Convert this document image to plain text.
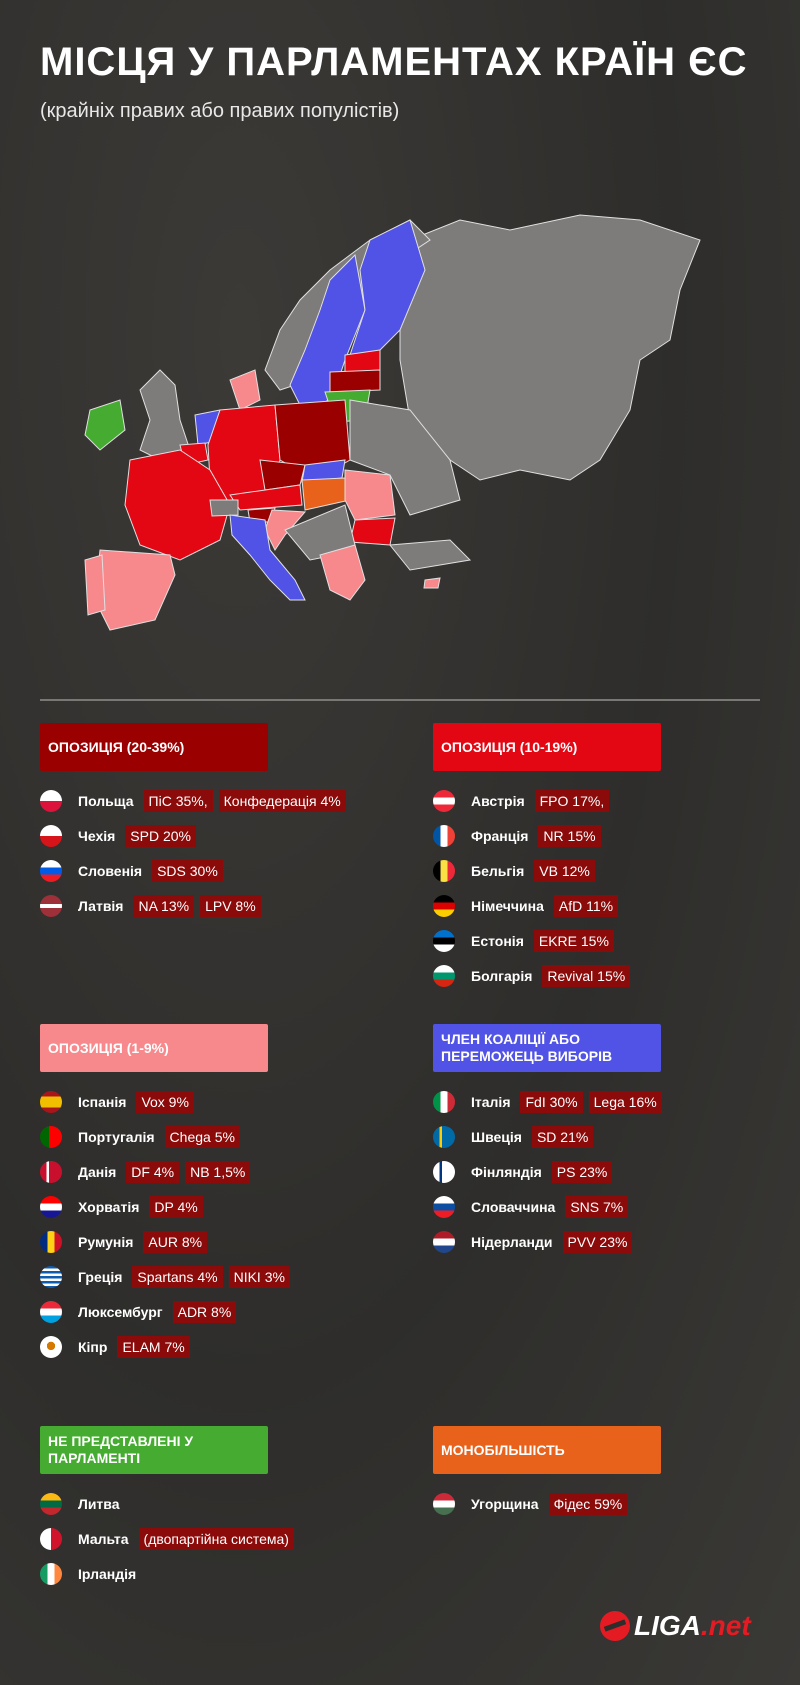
МІСЦЯ У ПАРЛАМЕНТАХ КРАЇН ЄС
(крайніх правих або правих популістів)
ОПОЗИЦІЯ (20-39%)
Польща	ПіС 35%,	Конфедерація 4%
Чехія	SPD 20%
Словенія	SDS 30%
Латвія	NA 13%	LPV 8%
ОПОЗИЦІЯ (10-19%)
Австрія	FPO 17%,
Франція	NR 15%
Бельгія	VB 12%
Німеччина	AfD 11%
Естонія	EKRE 15%
Болгарія	Revival 15%
ОПОЗИЦІЯ (1-9%)
Іспанія	Vox 9%
Португалія	Chega 5%
Данія	DF 4%	NB 1,5%
Хорватія	DP 4%
Румунія	AUR 8%
Греція	Spartans 4%	NIKI 3%
Люксембург	ADR 8%
Кіпр	ELAM 7%
ЧЛЕН КОАЛІЦІЇ АБО ПЕРЕМОЖЕЦЬ ВИБОРІВ
Італія	FdI 30%	Lega 16%
Швеція	SD 21%
Фінляндія	PS 23%
Словаччина	SNS 7%
Нідерланди	PVV 23%
НЕ ПРЕДСТАВЛЕНІ У ПАРЛАМЕНТІ
Литва
Мальта	(двопартійна система)
Ірландія
МОНОБІЛЬШІСТЬ
Угорщина	Фідес 59%
LIGA .net
